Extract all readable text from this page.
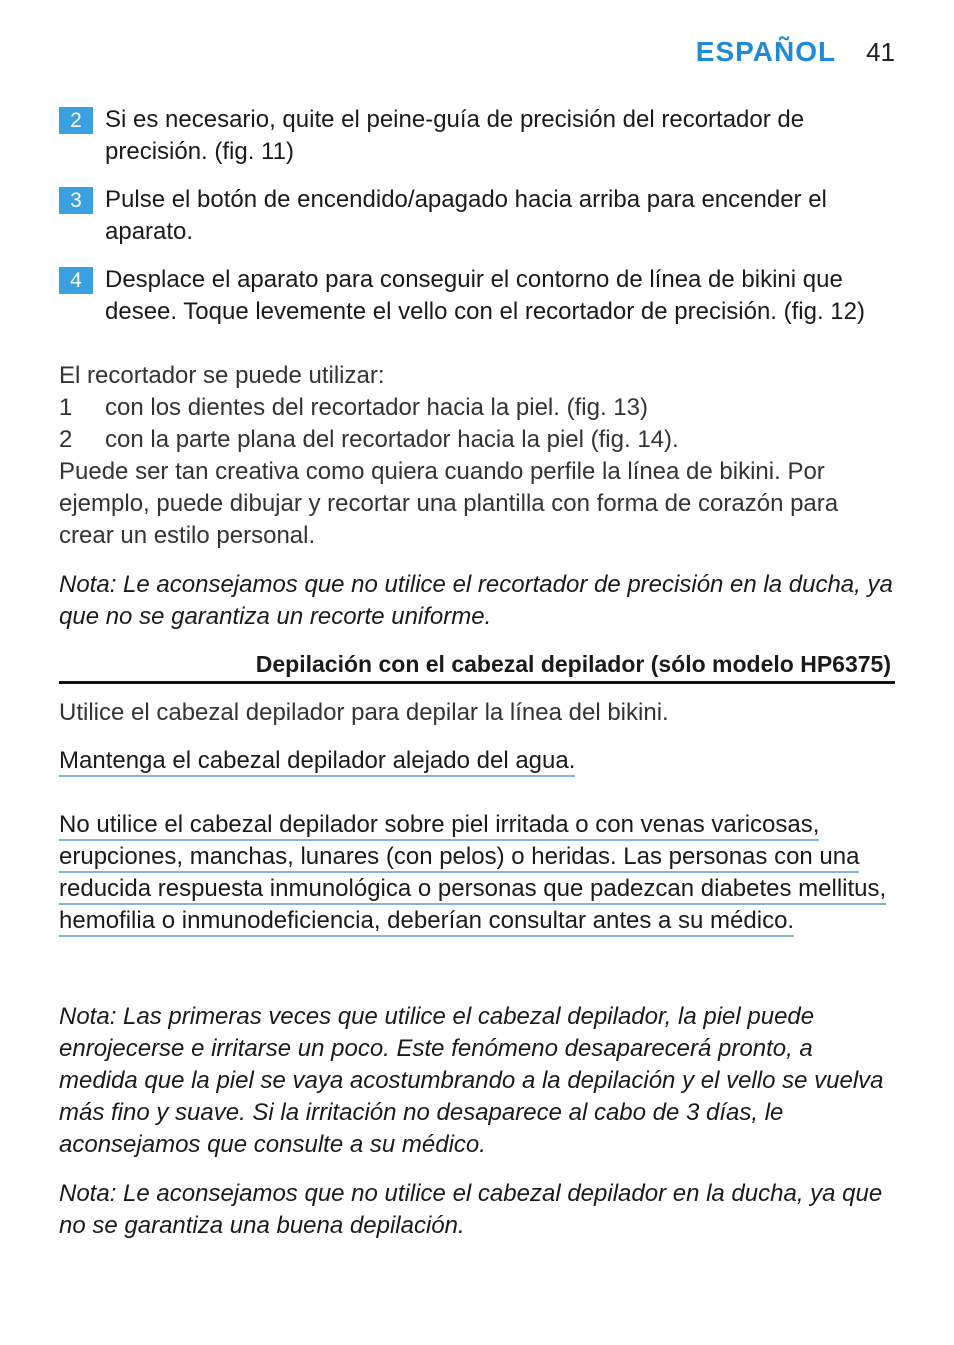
ESPAÑOL 41
2 Si es necesario, quite el peine-guía de precisión del recortador de precisión. (fig. 11)
3 Pulse el botón de encendido/apagado hacia arriba para encender el aparato.
4 Desplace el aparato para conseguir el contorno de línea de bikini que desee. Toque levemente el vello con el recortador de precisión. (fig. 12)
El recortador se puede utilizar:
1	con los dientes del recortador hacia la piel. (fig. 13)
2	con la parte plana del recortador hacia la piel (fig. 14).
Puede ser tan creativa como quiera cuando perfile la línea de bikini. Por ejemplo, puede dibujar y recortar una plantilla con forma de corazón para crear un estilo personal.
Nota: Le aconsejamos que no utilice el recortador de precisión en la ducha, ya que no se garantiza un recorte uniforme.
Depilación con el cabezal depilador (sólo modelo HP6375)
Utilice el cabezal depilador para depilar la línea del bikini.
Mantenga el cabezal depilador alejado del agua.
No utilice el cabezal depilador sobre piel irritada o con venas varicosas, erupciones, manchas, lunares (con pelos) o heridas. Las personas con una reducida respuesta inmunológica o personas que padezcan diabetes mellitus, hemofilia o inmunodeficiencia, deberían consultar antes a su médico.
Nota: Las primeras veces que utilice el cabezal depilador, la piel puede enrojecerse e irritarse un poco. Este fenómeno desaparecerá pronto, a medida que la piel se vaya acostumbrando a la depilación y el vello se vuelva más fino y suave. Si la irritación no desaparece al cabo de 3 días, le aconsejamos que consulte a su médico.
Nota: Le aconsejamos que no utilice el cabezal depilador en la ducha, ya que no se garantiza una buena depilación.
